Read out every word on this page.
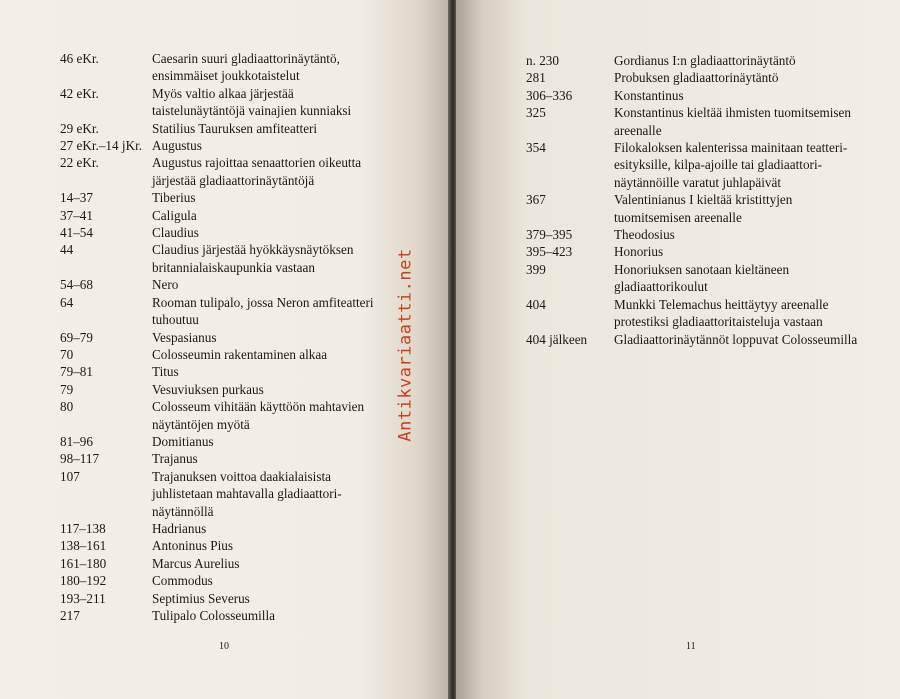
46 eKr.	Caesarin suuri gladiaattorinäytäntö, ensimmäiset joukkotaistelut
42 eKr.	Myös valtio alkaa järjestää taistelunäytäntöjä vainajien kunniaksi
29 eKr.	Statilius Tauruksen amfiteatteri
27 eKr.–14 jKr. Augustus
22 eKr.	Augustus rajoittaa senaattorien oikeutta järjestää gladiaattorinäytäntöjä
14–37	Tiberius
37–41	Caligula
41–54	Claudius
44	Claudius järjestää hyökkäysnäytöksen britannialaiskaupunkia vastaan
54–68	Nero
64	Rooman tulipalo, jossa Neron amfiteatteri tuhoutuu
69–79	Vespasianus
70	Colosseumin rakentaminen alkaa
79–81	Titus
79	Vesuviuksen purkaus
80	Colosseum vihitään käyttöön mahtavien näytäntöjen myötä
81–96	Domitianus
98–117	Trajanus
107	Trajanuksen voittoa daakialaisista juhlistetaan mahtavalla gladiaattori-näytännöllä
117–138	Hadrianus
138–161	Antoninus Pius
161–180	Marcus Aurelius
180–192	Commodus
193–211	Septimius Severus
217	Tulipalo Colosseumilla
Antikvariaatti.net
10
n. 230	Gordianus I:n gladiaattorinäytäntö
281	Probuksen gladiaattorinäytäntö
306–336	Konstantinus
325	Konstantinus kieltää ihmisten tuomitsemisen areenalle
354	Filokaloksen kalenterissa mainitaan teatteri-esityksille, kilpa-ajoille tai gladiaattori-näytännöille varatut juhlapäivät
367	Valentinianus I kieltää kristittyjen tuomitsemisen areenalle
379–395	Theodosius
395–423	Honorius
399	Honoriuksen sanotaan kieltäneen gladiaattorikoulut
404	Munkki Telemachus heittäytyy areenalle protestiksi gladiaattoritaisteluja vastaan
404 jälkeen	Gladiaattorinäytännöt loppuvat Colosseumilla
11
